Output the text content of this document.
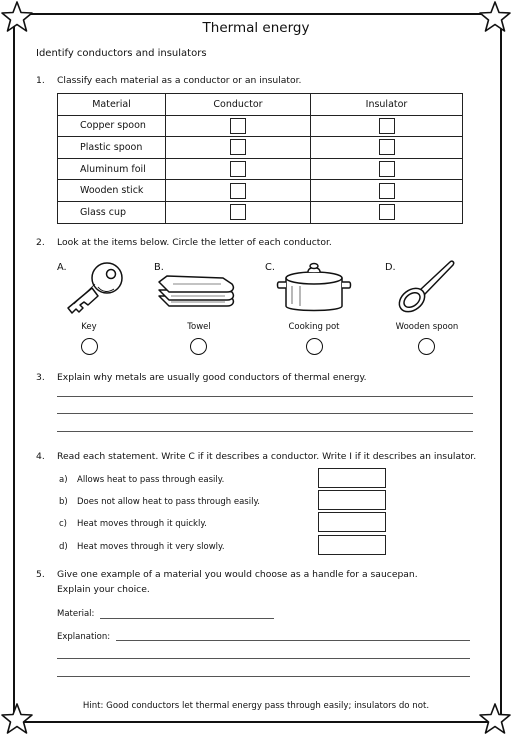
Thermal energy
Identify conductors and insulators
1. Classify each material as a conductor or an insulator.
Material	Conductor	Insulator
Copper spoon		
Plastic spoon		
Aluminum foil		
Wooden stick		
Glass cup		
2. Look at the items below. Circle the letter of each conductor.
A.	B.	C.	D.
Key	Towel	Cooking pot	Wooden spoon
3. Explain why metals are usually good conductors of thermal energy.
4. Read each statement. Write C if it describes a conductor. Write I if it describes an insulator.
a) Allows heat to pass through easily.
b) Does not allow heat to pass through easily.
c) Heat moves through it quickly.
d) Heat moves through it very slowly.
5. Give one example of a material you would choose as a handle for a saucepan.
Explain your choice.
Material:
Explanation:
Hint: Good conductors let thermal energy pass through easily; insulators do not.
